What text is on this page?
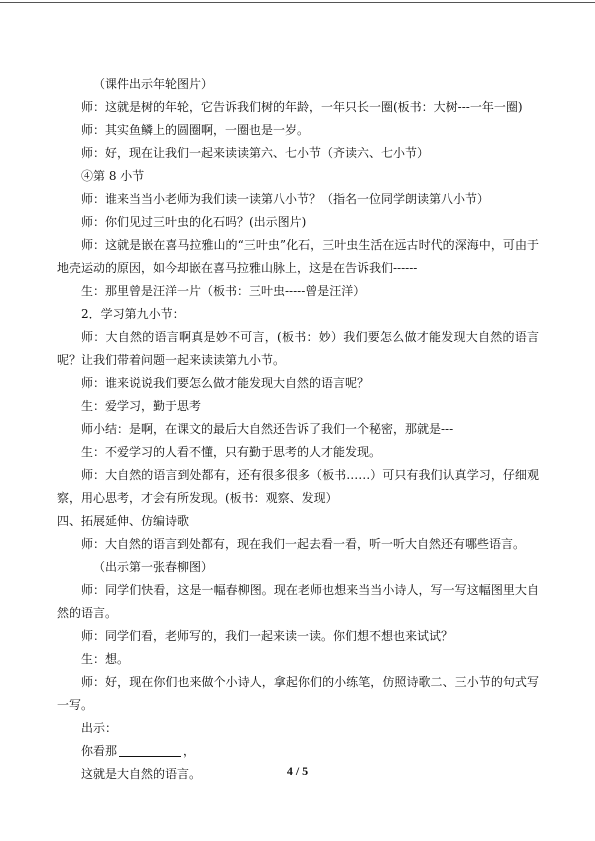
（课件出示年轮图片）

师：这就是树的年轮，它告诉我们树的年龄，一年只长一圈(板书：大树---一年一圈)

师：其实鱼鳞上的圆圈啊，一圈也是一岁。

师：好，现在让我们一起来读读第六、七小节（齐读六、七小节）

④第 8 小节

师：谁来当当小老师为我们读一读第八小节？（指名一位同学朗读第八小节）

师：你们见过三叶虫的化石吗？(出示图片)

师：这就是嵌在喜马拉雅山的“三叶虫”化石，三叶虫生活在远古时代的深海中，可由于地壳运动的原因，如今却嵌在喜马拉雅山脉上，这是在告诉我们------

生：那里曾是汪洋一片（板书：三叶虫-----曾是汪洋）

2．学习第九小节：

师：大自然的语言啊真是妙不可言，(板书：妙）我们要怎么做才能发现大自然的语言呢？让我们带着问题一起来读读第九小节。

师：谁来说说我们要怎么做才能发现大自然的语言呢？

生：爱学习，勤于思考

师小结：是啊，在课文的最后大自然还告诉了我们一个秘密，那就是---

生：不爱学习的人看不懂，只有勤于思考的人才能发现。

师：大自然的语言到处都有，还有很多很多（板书……）可只有我们认真学习，仔细观察，用心思考，才会有所发现。(板书：观察、发现）

四、拓展延伸、仿编诗歌

师：大自然的语言到处都有，现在我们一起去看一看，听一听大自然还有哪些语言。

（出示第一张春柳图）

师：同学们快看，这是一幅春柳图。现在老师也想来当当小诗人，写一写这幅图里大自然的语言。

师：同学们看，老师写的，我们一起来读一读。你们想不想也来试试？

生：想。

师：好，现在你们也来做个小诗人，拿起你们的小练笔，仿照诗歌二、三小节的句式写一写。

出示：

你看那	，

这就是大自然的语言。	4 / 5
